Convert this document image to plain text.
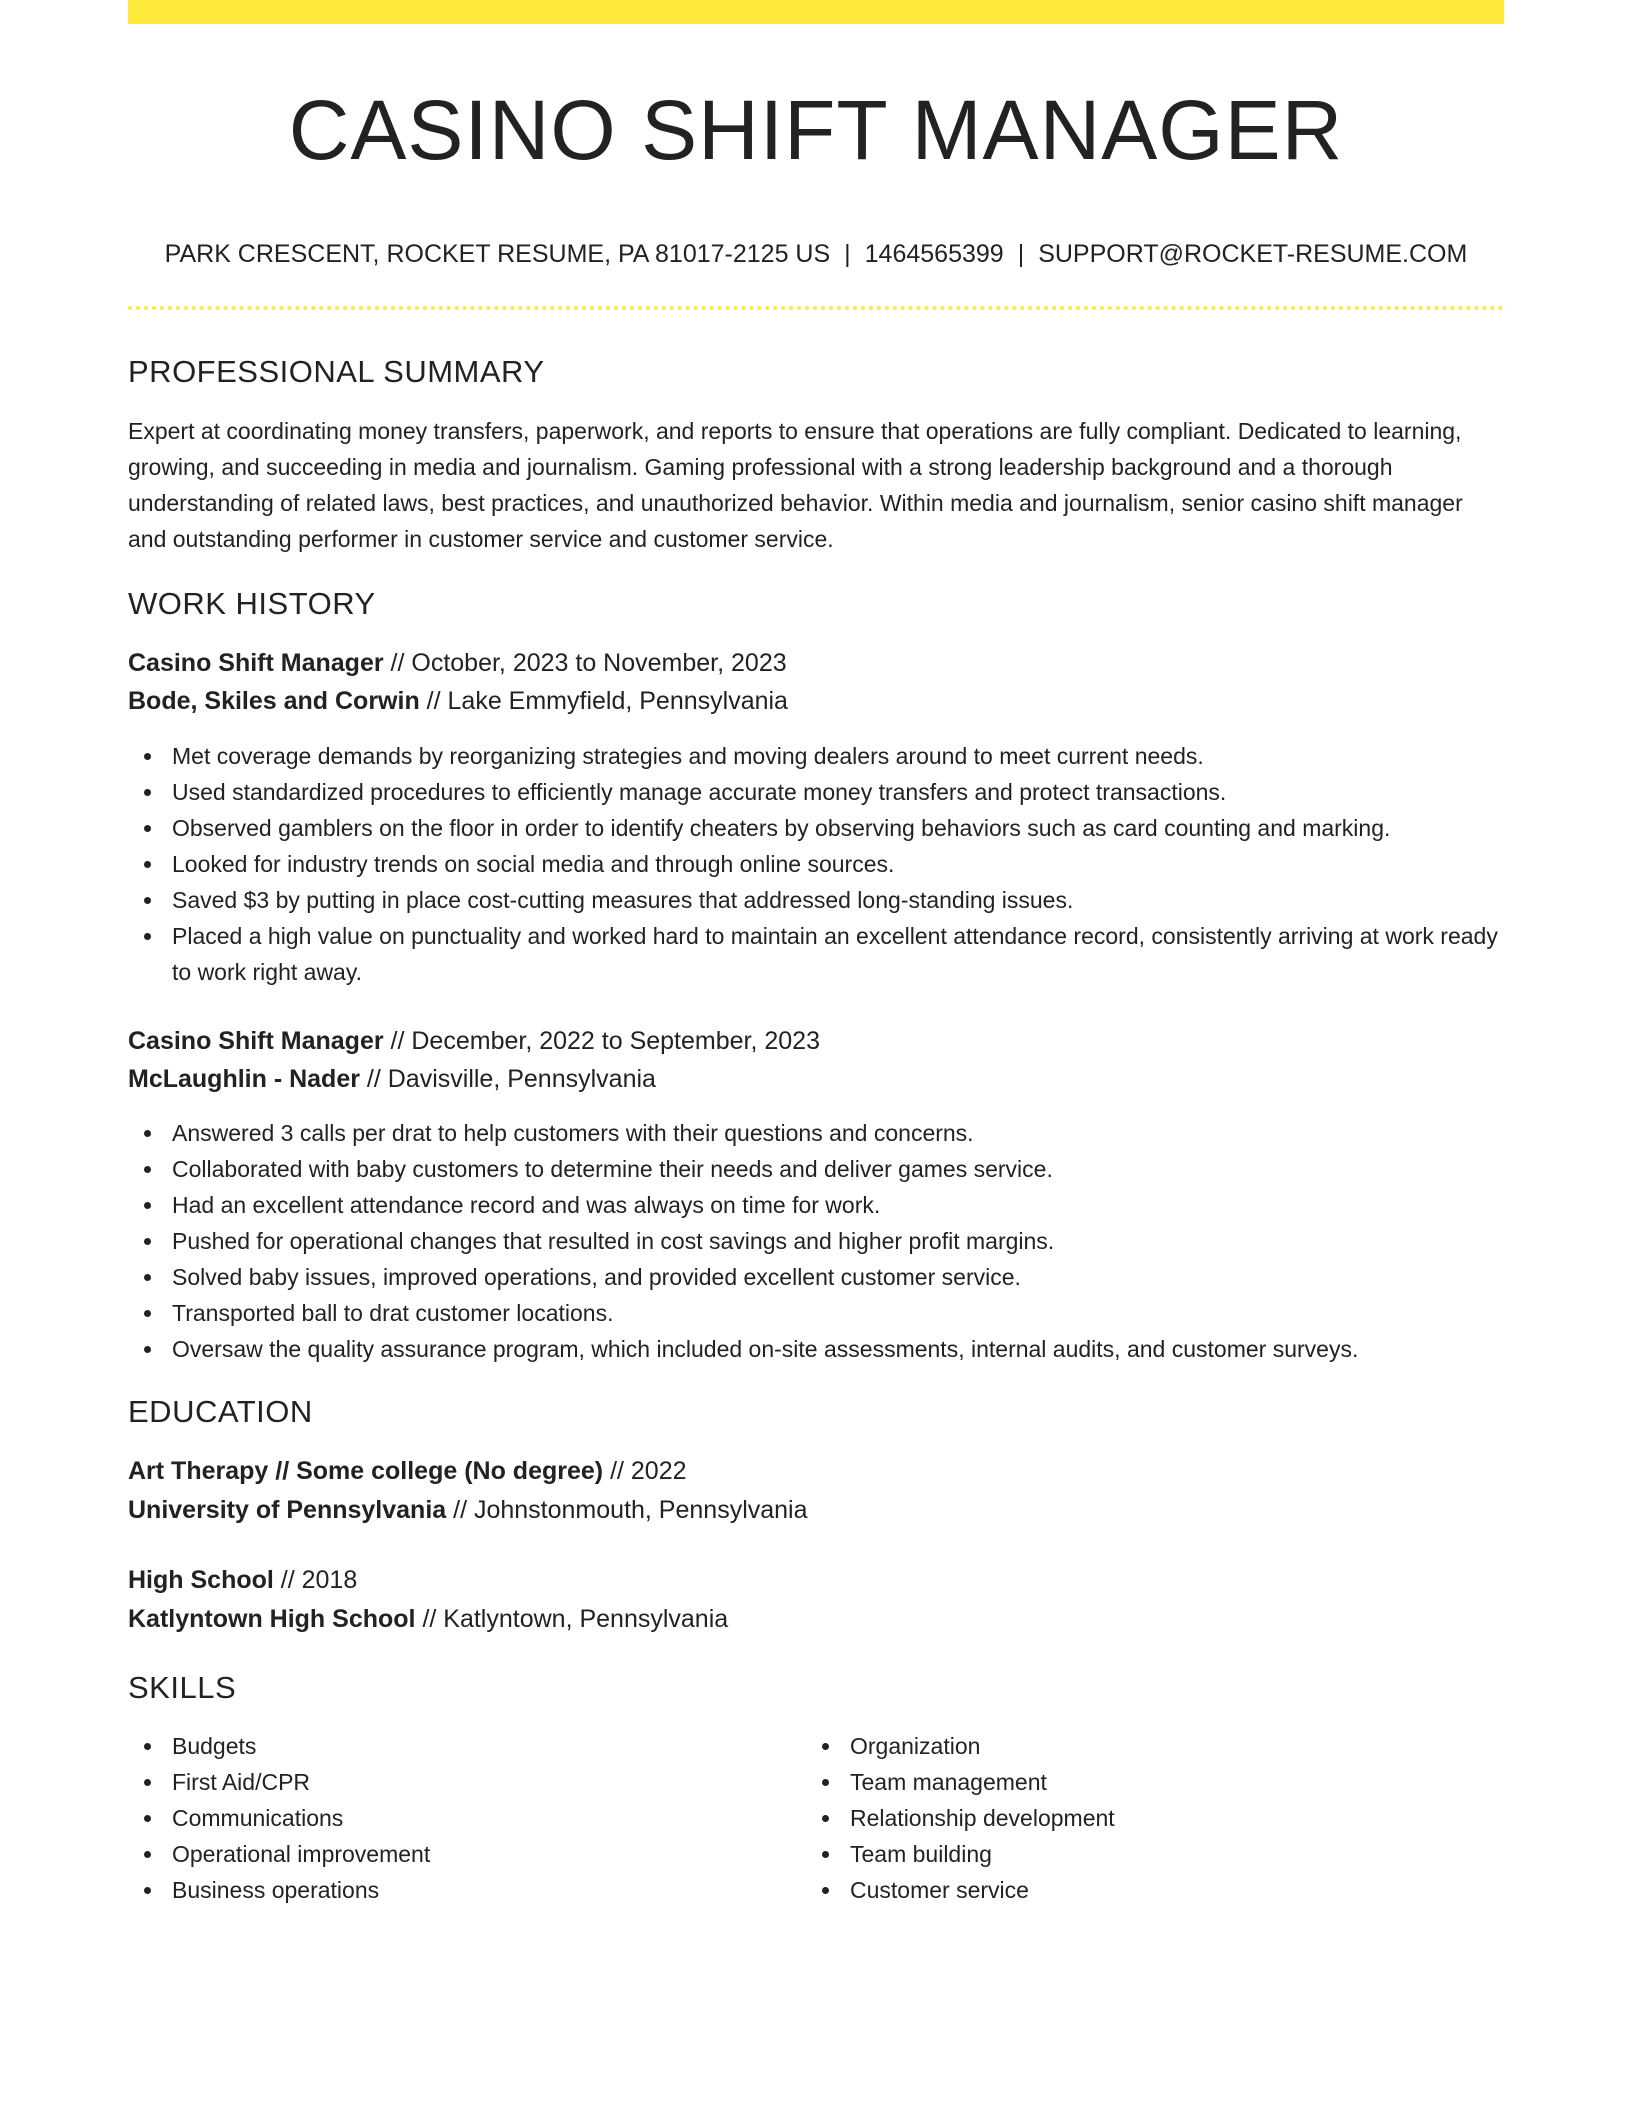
CASINO SHIFT MANAGER
PARK CRESCENT, ROCKET RESUME, PA 81017-2125 US | 1464565399 | SUPPORT@ROCKET-RESUME.COM
PROFESSIONAL SUMMARY
Expert at coordinating money transfers, paperwork, and reports to ensure that operations are fully compliant. Dedicated to learning, growing, and succeeding in media and journalism. Gaming professional with a strong leadership background and a thorough understanding of related laws, best practices, and unauthorized behavior. Within media and journalism, senior casino shift manager and outstanding performer in customer service and customer service.
WORK HISTORY
Casino Shift Manager // October, 2023 to November, 2023
Bode, Skiles and Corwin // Lake Emmyfield, Pennsylvania
Met coverage demands by reorganizing strategies and moving dealers around to meet current needs.
Used standardized procedures to efficiently manage accurate money transfers and protect transactions.
Observed gamblers on the floor in order to identify cheaters by observing behaviors such as card counting and marking.
Looked for industry trends on social media and through online sources.
Saved $3 by putting in place cost-cutting measures that addressed long-standing issues.
Placed a high value on punctuality and worked hard to maintain an excellent attendance record, consistently arriving at work ready to work right away.
Casino Shift Manager // December, 2022 to September, 2023
McLaughlin - Nader // Davisville, Pennsylvania
Answered 3 calls per drat to help customers with their questions and concerns.
Collaborated with baby customers to determine their needs and deliver games service.
Had an excellent attendance record and was always on time for work.
Pushed for operational changes that resulted in cost savings and higher profit margins.
Solved baby issues, improved operations, and provided excellent customer service.
Transported ball to drat customer locations.
Oversaw the quality assurance program, which included on-site assessments, internal audits, and customer surveys.
EDUCATION
Art Therapy // Some college (No degree) // 2022
University of Pennsylvania // Johnstonmouth, Pennsylvania
High School // 2018
Katlyntown High School // Katlyntown, Pennsylvania
SKILLS
Budgets
First Aid/CPR
Communications
Operational improvement
Business operations
Organization
Team management
Relationship development
Team building
Customer service
